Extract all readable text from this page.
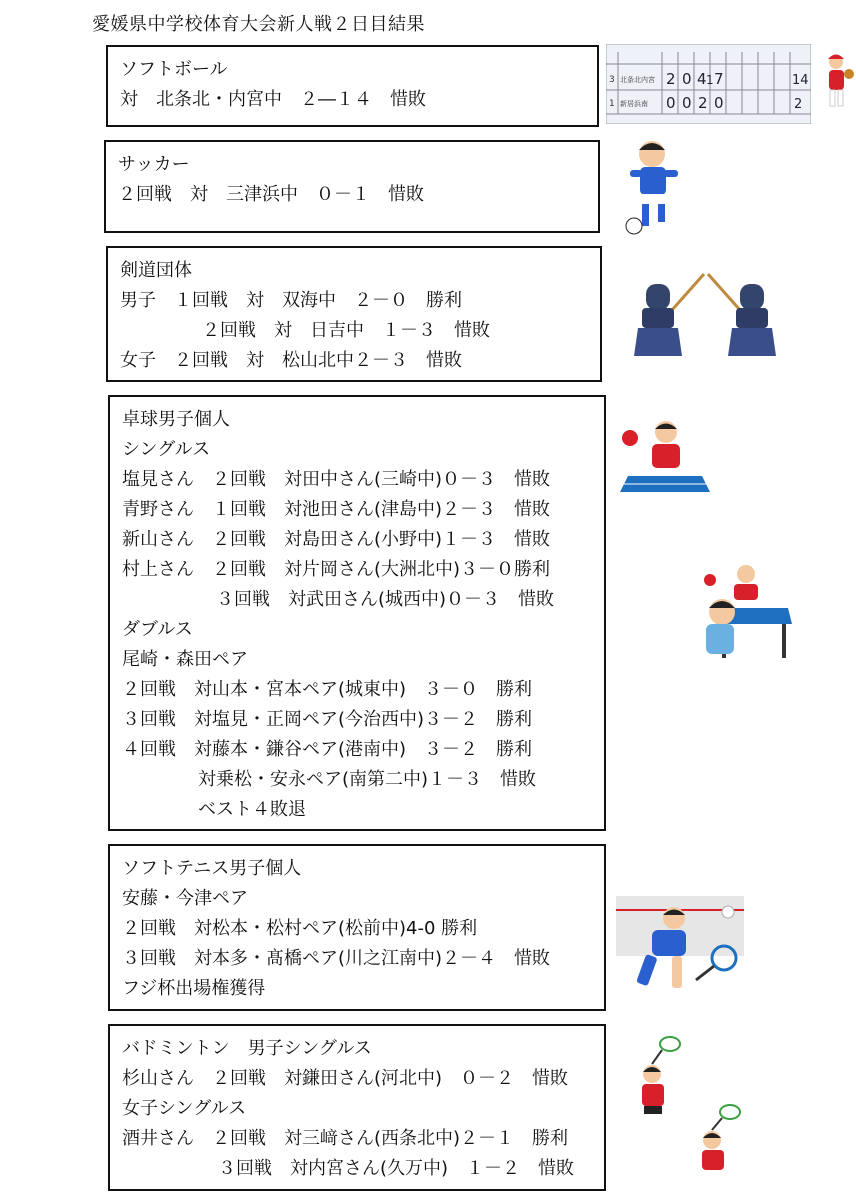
愛媛県中学校体育大会新人戦２日目結果
ソフトボール
対　北条北・内宮中　２―１４　惜敗
サッカー
２回戦　対　三津浜中　０－１　惜敗
剣道団体
男子　１回戦　対　双海中　２－０　勝利
２回戦　対　日吉中　１－３　惜敗
女子　２回戦　対　松山北中２－３　惜敗
卓球男子個人
シングルス
塩見さん　２回戦　対田中さん(三崎中)０－３　惜敗
青野さん　１回戦　対池田さん(津島中)２－３　惜敗
新山さん　２回戦　対島田さん(小野中)１－３　惜敗
村上さん　２回戦　対片岡さん(大洲北中)３－０勝利
３回戦　対武田さん(城西中)０－３　惜敗
ダブルス
尾崎・森田ペア
２回戦　対山本・宮本ペア(城東中)　３－０　勝利
３回戦　対塩見・正岡ペア(今治西中)３－２　勝利
４回戦　対藤本・鎌谷ペア(港南中)　３－２　勝利
対乗松・安永ペア(南第二中)１－３　惜敗
ベスト４敗退
ソフトテニス男子個人
安藤・今津ペア
２回戦　対松本・松村ペア(松前中)4-0 勝利
３回戦　対本多・髙橋ペア(川之江南中)２－４　惜敗
フジ杯出場権獲得
バドミントン　男子シングルス
杉山さん　２回戦　対鎌田さん(河北中)　０－２　惜敗
女子シングルス
酒井さん　２回戦　対三﨑さん(西条北中)２－１　勝利
３回戦　対内宮さん(久万中)　１－２　惜敗
3 北条北内宮 2 0 4 1 7	14
1 新居浜南 0 0 2 0	2
